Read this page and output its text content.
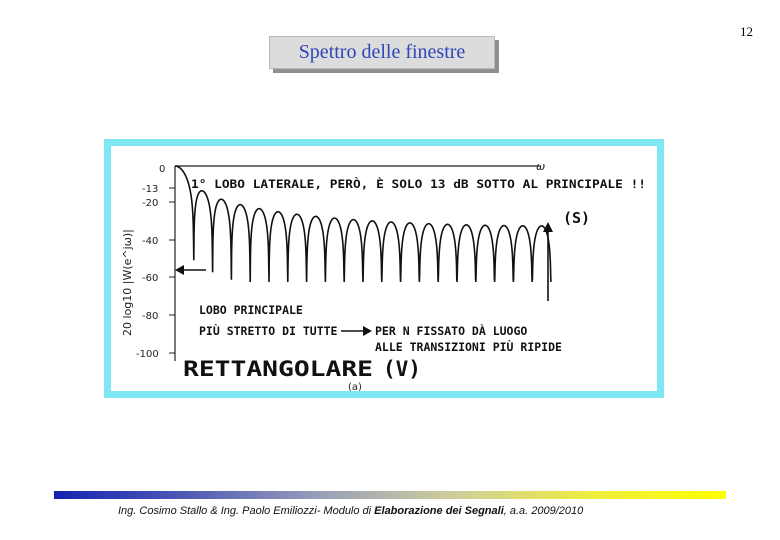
12
Spettro delle finestre
20 log10 |W(e^jω)|
0
-13
-20
-40
-60
-80
-100
ω
1° LOBO LATERALE, PERÒ, È SOLO 13 dB SOTTO AL PRINCIPALE !!
(S)
LOBO PRINCIPALE
PIÙ STRETTO DI TUTTE	PER N FISSATO DÀ LUOGO
ALLE TRANSIZIONI PIÙ RIPIDE
RETTANGOLARE (V)
(a)
Ing. Cosimo Stallo & Ing. Paolo Emiliozzi- Modulo di Elaborazione dei Segnali, a.a. 2009/2010
